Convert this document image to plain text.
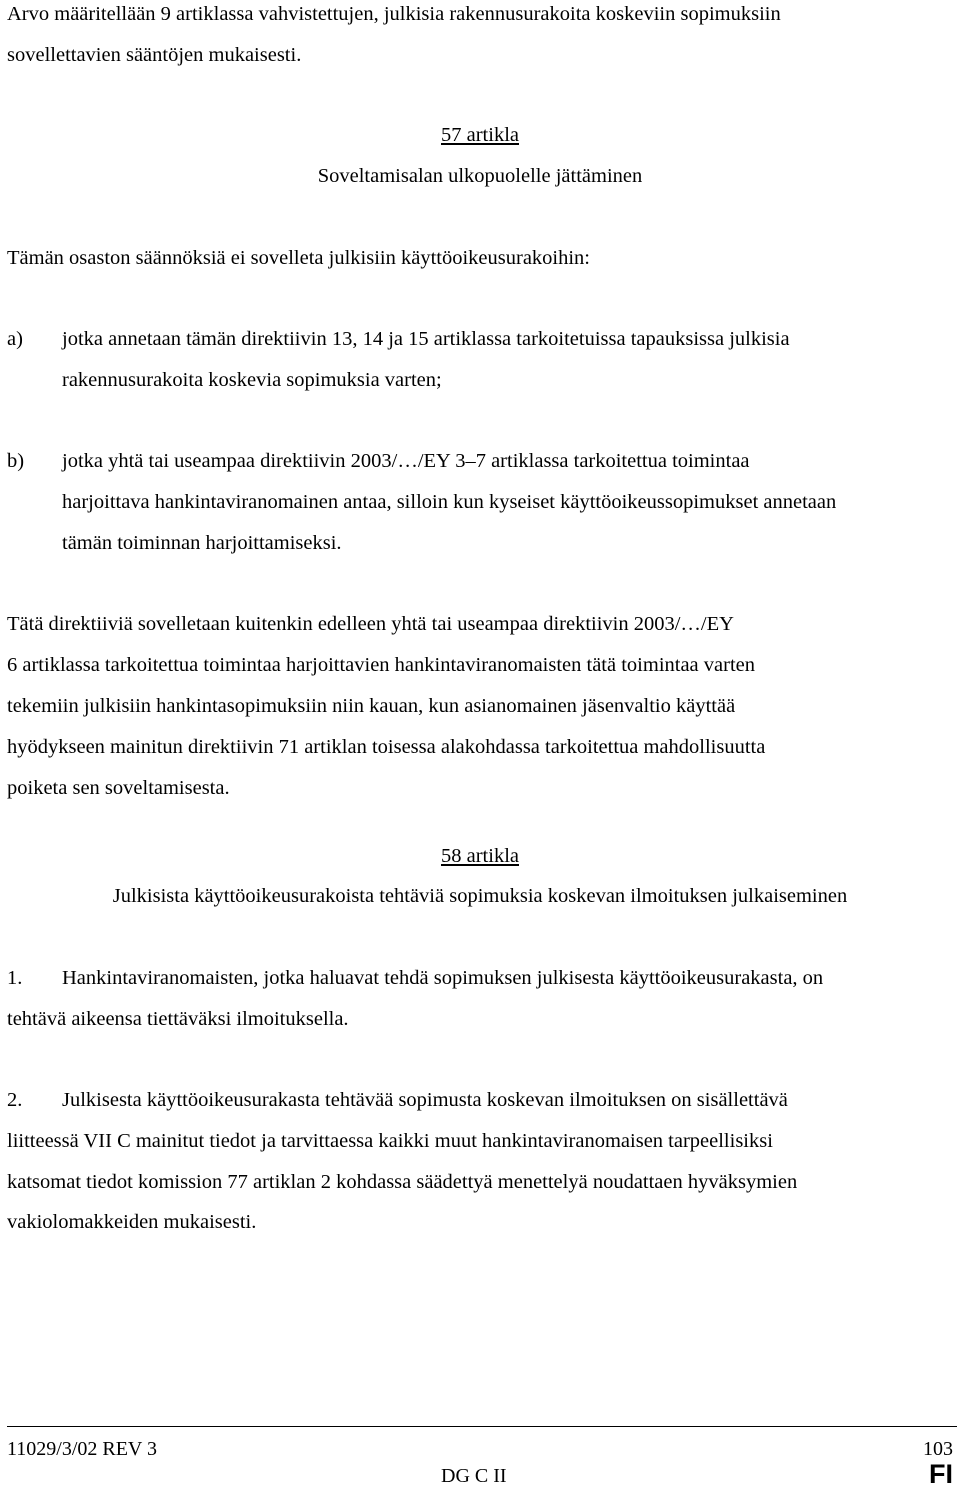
Arvo määritellään 9 artiklassa vahvistettujen, julkisia rakennusurakoita koskeviin sopimuksiin
sovellettavien sääntöjen mukaisesti.
57 artikla
Soveltamisalan ulkopuolelle jättäminen
Tämän osaston säännöksiä ei sovelleta julkisiin käyttöoikeusurakoihin:
a) jotka annetaan tämän direktiivin 13, 14 ja 15 artiklassa tarkoitetuissa tapauksissa julkisia
rakennusurakoita koskevia sopimuksia varten;
b) jotka yhtä tai useampaa direktiivin 2003/…/EY 3–7 artiklassa tarkoitettua toimintaa
harjoittava hankintaviranomainen antaa, silloin kun kyseiset käyttöoikeussopimukset annetaan
tämän toiminnan harjoittamiseksi.
Tätä direktiiviä sovelletaan kuitenkin edelleen yhtä tai useampaa direktiivin 2003/…/EY
6 artiklassa tarkoitettua toimintaa harjoittavien hankintaviranomaisten tätä toimintaa varten
tekemiin julkisiin hankintasopimuksiin niin kauan, kun asianomainen jäsenvaltio käyttää
hyödykseen mainitun direktiivin 71 artiklan toisessa alakohdassa tarkoitettua mahdollisuutta
poiketa sen soveltamisesta.
58 artikla
Julkisista käyttöoikeusurakoista tehtäviä sopimuksia koskevan ilmoituksen julkaiseminen
1. Hankintaviranomaisten, jotka haluavat tehdä sopimuksen julkisesta käyttöoikeusurakasta, on
tehtävä aikeensa tiettäväksi ilmoituksella.
2. Julkisesta käyttöoikeusurakasta tehtävää sopimusta koskevan ilmoituksen on sisällettävä
liitteessä VII C mainitut tiedot ja tarvittaessa kaikki muut hankintaviranomaisen tarpeellisiksi
katsomat tiedot komission 77 artiklan 2 kohdassa säädettyä menettelyä noudattaen hyväksymien
vakiolomakkeiden mukaisesti.
11029/3/02 REV 3	103
DG C II	FI
